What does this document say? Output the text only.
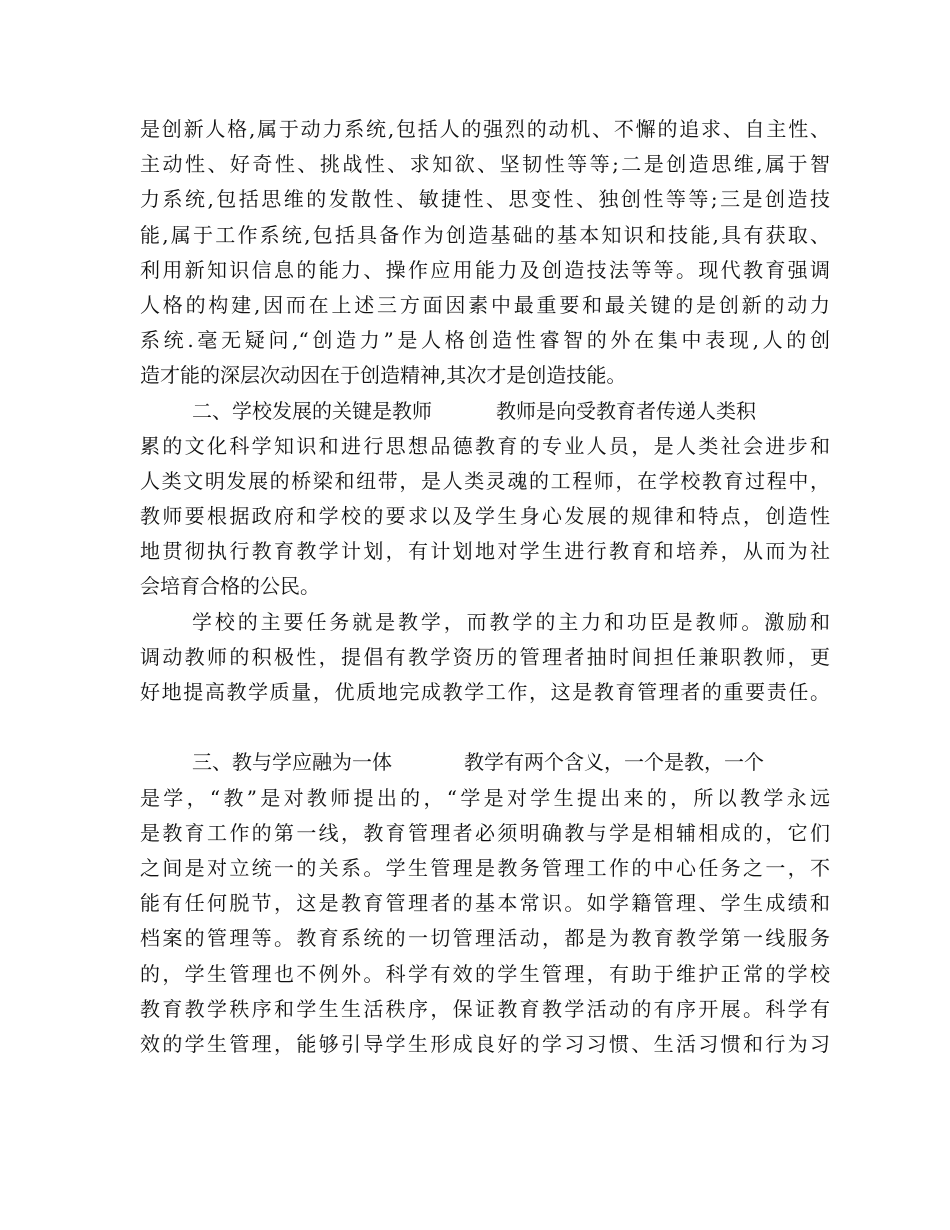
是创新人格,属于动力系统,包括人的强烈的动机、不懈的追求、自主性、
主动性、好奇性、挑战性、求知欲、坚韧性等等;二是创造思维,属于智
力系统,包括思维的发散性、敏捷性、思变性、独创性等等;三是创造技
能,属于工作系统,包括具备作为创造基础的基本知识和技能,具有获取、
利用新知识信息的能力、操作应用能力及创造技法等等。现代教育强调
人格的构建,因而在上述三方面因素中最重要和最关键的是创新的动力
系统.毫无疑问,“创造力”是人格创造性睿智的外在集中表现,人的创
造才能的深层次动因在于创造精神,其次才是创造技能。
二、学校发展的关键是教师	教师是向受教育者传递人类积
累的文化科学知识和进行思想品德教育的专业人员，是人类社会进步和
人类文明发展的桥梁和纽带，是人类灵魂的工程师，在学校教育过程中，
教师要根据政府和学校的要求以及学生身心发展的规律和特点，创造性
地贯彻执行教育教学计划，有计划地对学生进行教育和培养，从而为社
会培育合格的公民。
学校的主要任务就是教学，而教学的主力和功臣是教师。激励和
调动教师的积极性，提倡有教学资历的管理者抽时间担任兼职教师，更
好地提高教学质量，优质地完成教学工作，这是教育管理者的重要责任。
三、教与学应融为一体	教学有两个含义，一个是教，一个
是学，“教”是对教师提出的，“学是对学生提出来的，所以教学永远
是教育工作的第一线，教育管理者必须明确教与学是相辅相成的，它们
之间是对立统一的关系。学生管理是教务管理工作的中心任务之一，不
能有任何脱节，这是教育管理者的基本常识。如学籍管理、学生成绩和
档案的管理等。教育系统的一切管理活动，都是为教育教学第一线服务
的，学生管理也不例外。科学有效的学生管理，有助于维护正常的学校
教育教学秩序和学生生活秩序，保证教育教学活动的有序开展。科学有
效的学生管理，能够引导学生形成良好的学习习惯、生活习惯和行为习
